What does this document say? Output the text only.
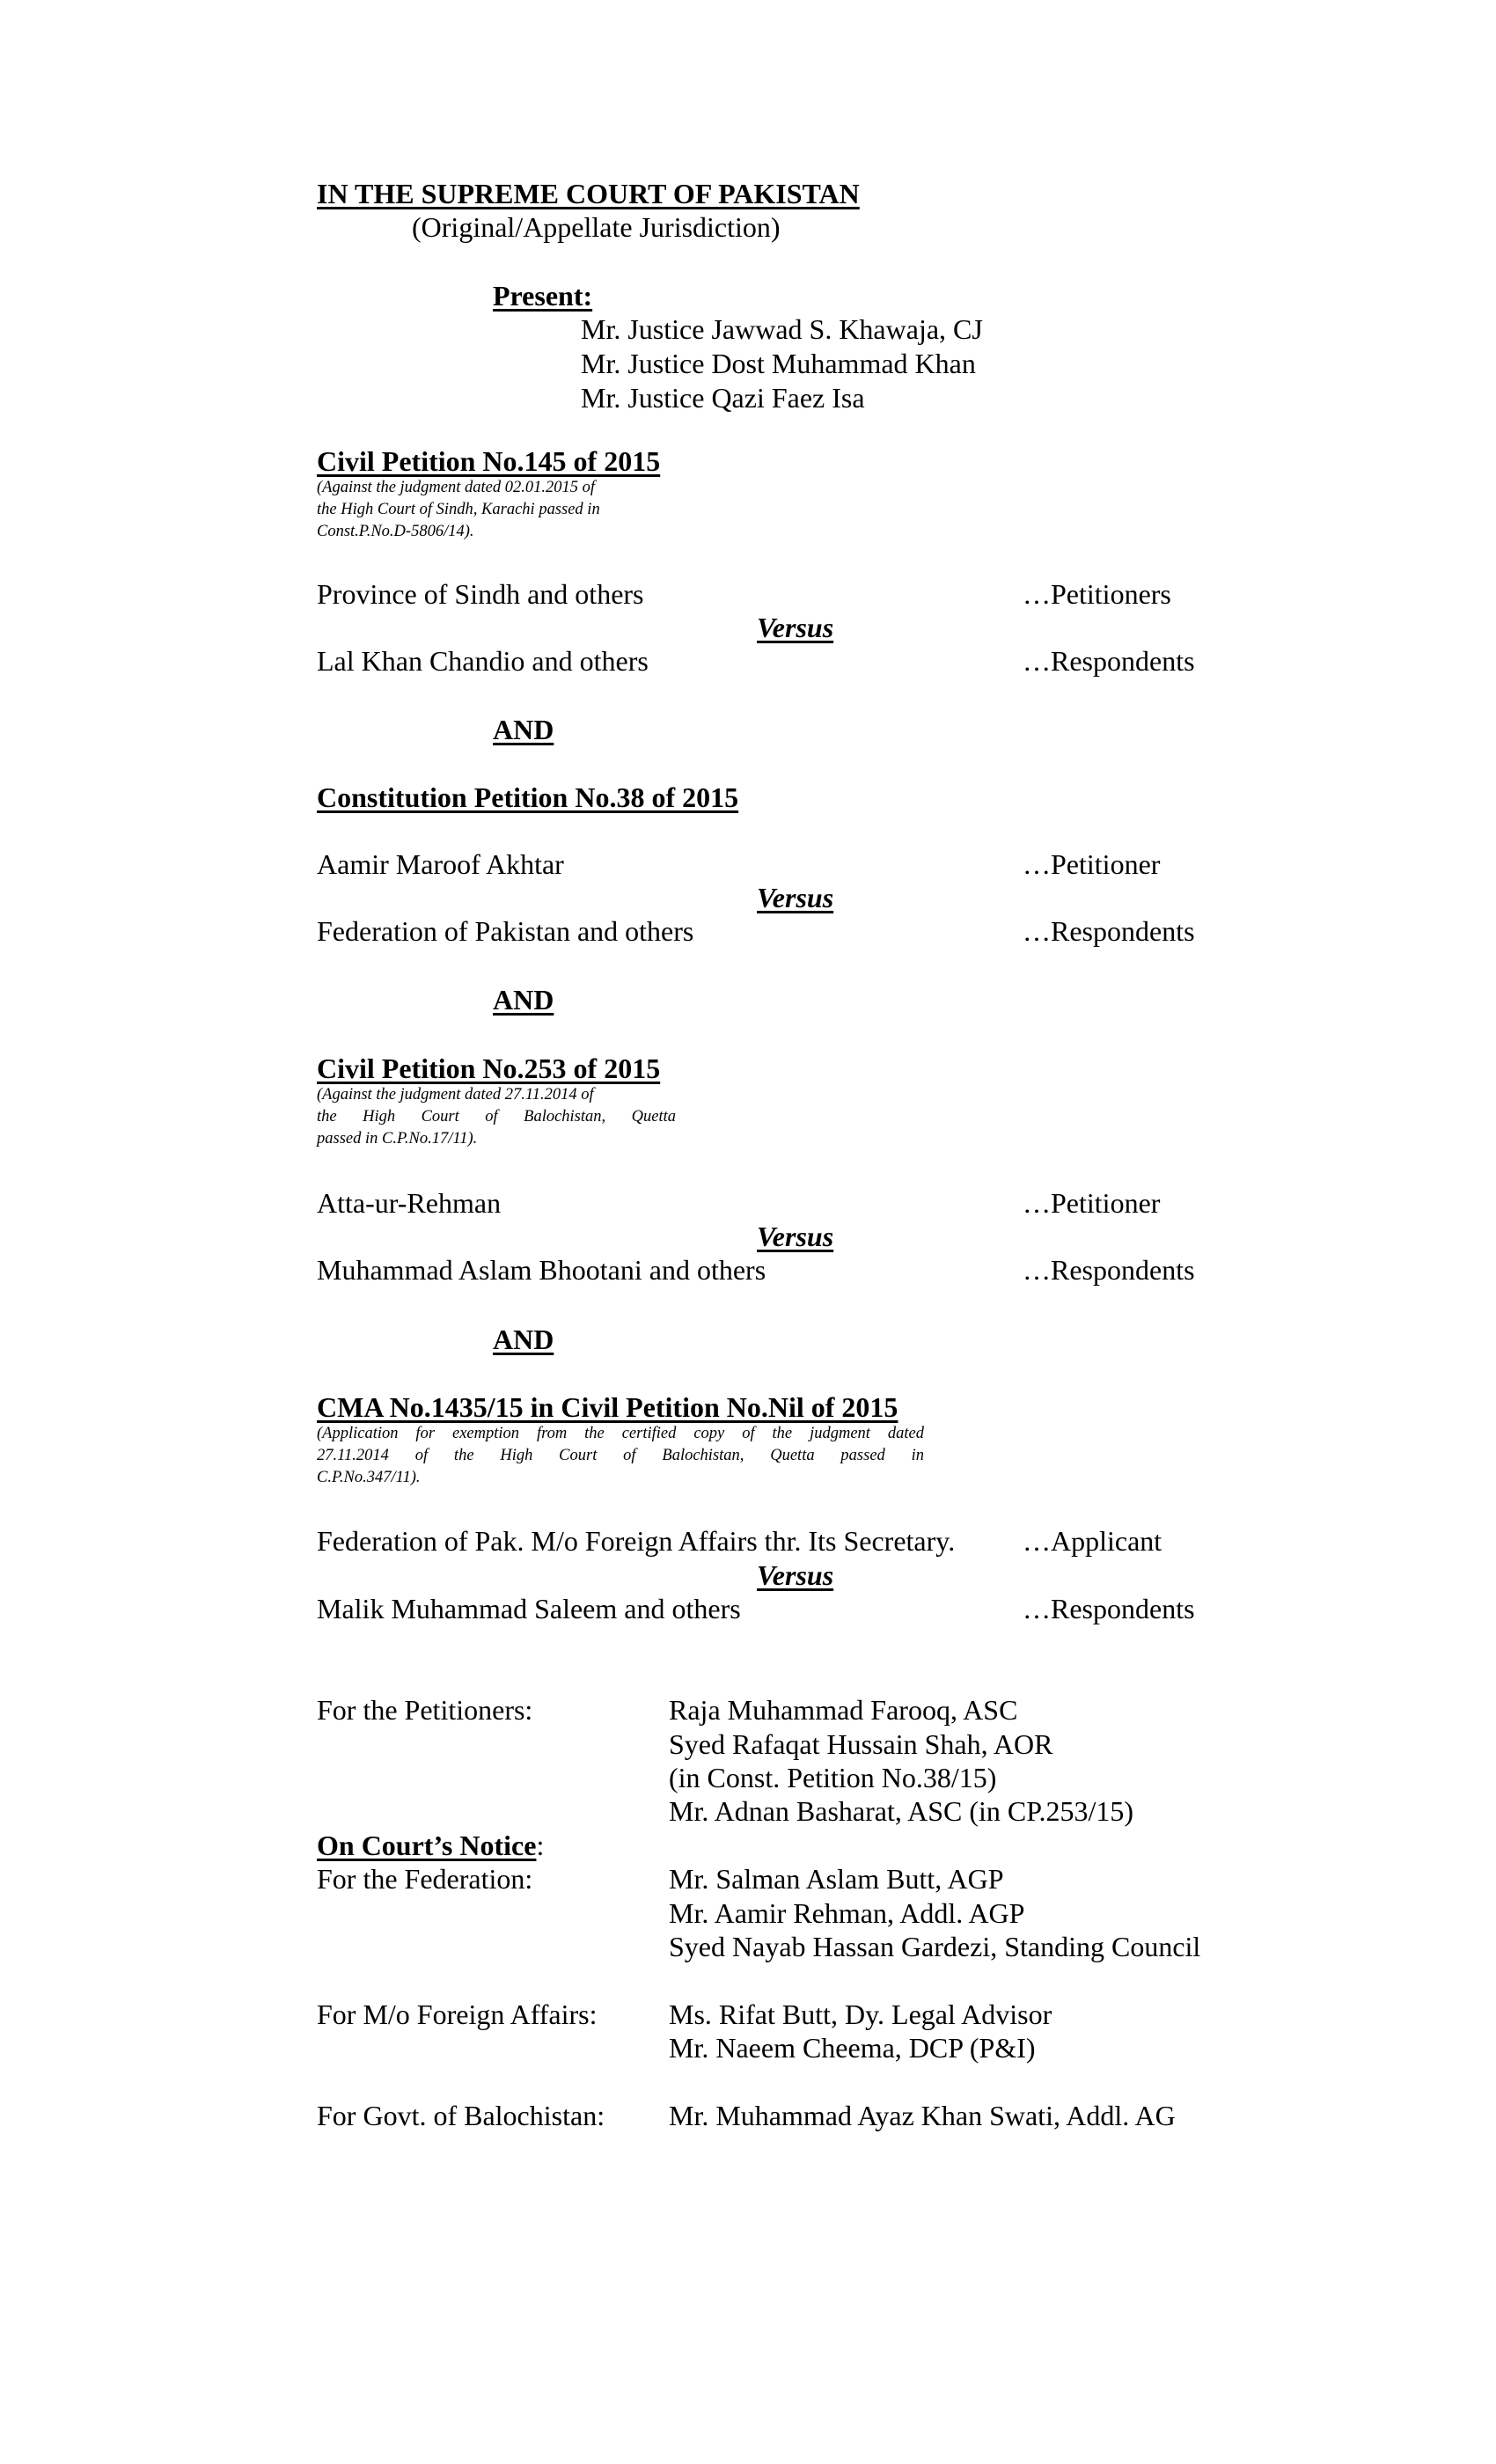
IN THE SUPREME COURT OF PAKISTAN
(Original/Appellate Jurisdiction)
Present:
Mr. Justice Jawwad S. Khawaja, CJ
Mr. Justice Dost Muhammad Khan
Mr. Justice Qazi Faez Isa
Civil Petition No.145 of 2015

(Against the judgment dated 02.01.2015 of

the High Court of Sindh, Karachi passed in

Const.P.No.D-5806/14).

Province of Sindh and others	…Petitioners
Versus
Lal Khan Chandio and others	…Respondents
AND
Constitution Petition No.38 of 2015
Aamir Maroof Akhtar	…Petitioner
Versus
Federation of Pakistan and others	…Respondents
AND
Civil Petition No.253 of 2015

(Against the judgment dated 27.11.2014 of

the High Court of Balochistan, Quetta

passed in C.P.No.17/11).

Atta-ur-Rehman	…Petitioner
Versus
Muhammad Aslam Bhootani and others	…Respondents
AND
CMA No.1435/15 in Civil Petition No.Nil of 2015

(Application for exemption from the certified copy of the judgment dated

27.11.2014 of the High Court of Balochistan, Quetta passed in

C.P.No.347/11).

Federation of Pak. M/o Foreign Affairs thr. Its Secretary. …Applicant
Versus
Malik Muhammad Saleem and others	…Respondents
For the Petitioners:	Raja Muhammad Farooq, ASC
Syed Rafaqat Hussain Shah, AOR
(in Const. Petition No.38/15)
Mr. Adnan Basharat, ASC (in CP.253/15)
On Court’s Notice:
For the Federation:	Mr. Salman Aslam Butt, AGP
Mr. Aamir Rehman, Addl. AGP
Syed Nayab Hassan Gardezi, Standing Council
For M/o Foreign Affairs:	Ms. Rifat Butt, Dy. Legal Advisor
Mr. Naeem Cheema, DCP (P&I)
For Govt. of Balochistan: Mr. Muhammad Ayaz Khan Swati, Addl. AG
